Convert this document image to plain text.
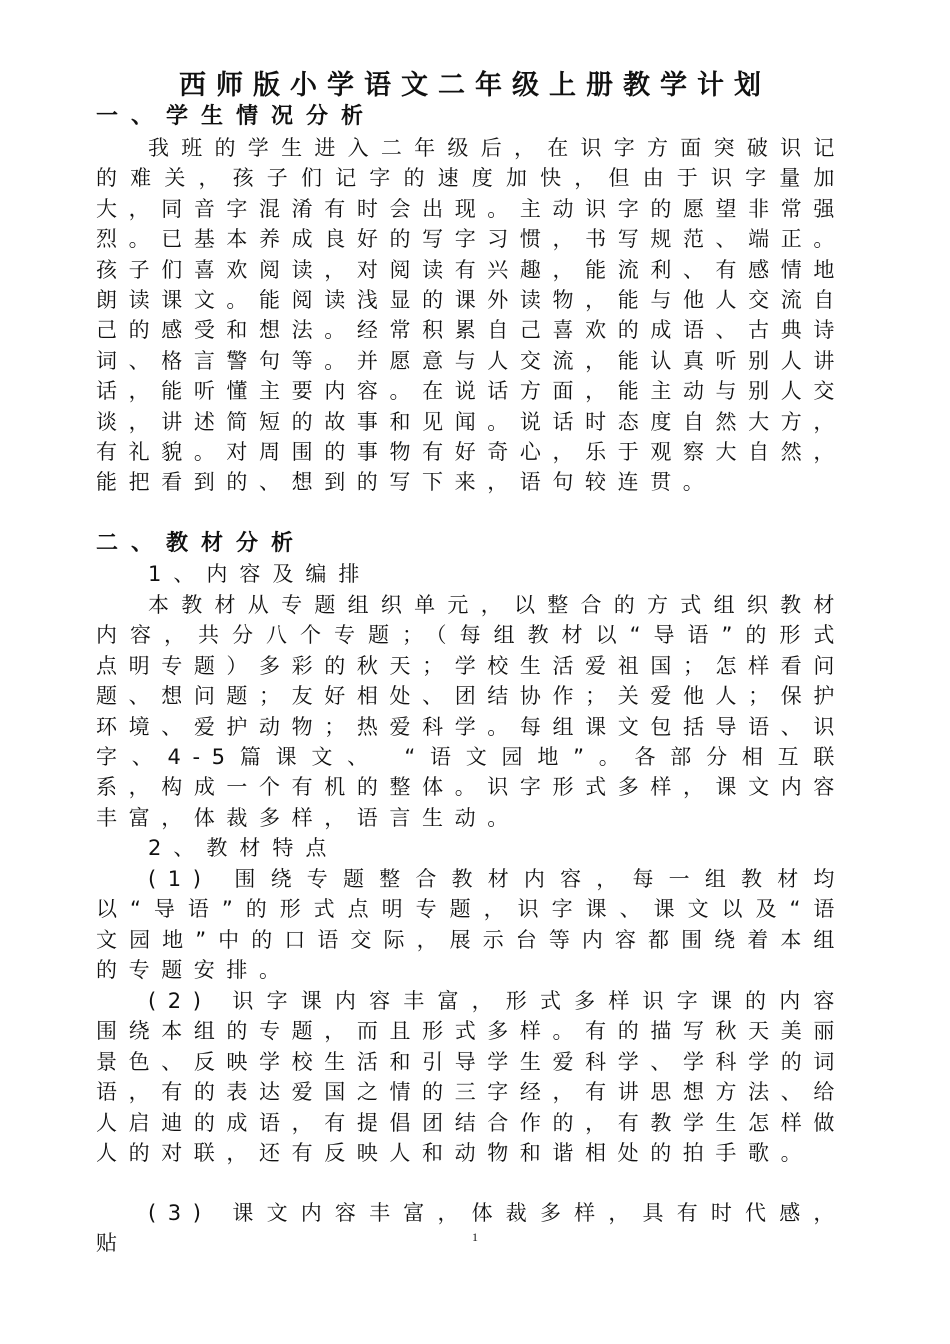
西师版小学语文二年级上册教学计划
一、学生情况分析

我班的学生进入二年级后，在识字方面突破识记的难关，孩子们记字的速度加快，但由于识字量加大，同音字混淆有时会出现。主动识字的愿望非常强烈。已基本养成良好的写字习惯，书写规范、端正。孩子们喜欢阅读，对阅读有兴趣，能流利、有感情地朗读课文。能阅读浅显的课外读物，能与他人交流自己的感受和想法。经常积累自己喜欢的成语、古典诗词、格言警句等。并愿意与人交流，能认真听别人讲话，能听懂主要内容。在说话方面，能主动与别人交谈，讲述简短的故事和见闻。说话时态度自然大方，有礼貌。对周围的事物有好奇心，乐于观察大自然，能把看到的、想到的写下来，语句较连贯。

二、教材分析
1、内容及编排

本教材从专题组织单元，以整合的方式组织教材内容，共分八个专题；（每组教材以“导语”的形式点明专题）多彩的秋天；学校生活爱祖国；怎样看问题、想问题；友好相处、团结协作；关爱他人；保护环境、爱护动物；热爱科学。每组课文包括导语、识字、4-5篇课文、 “语文园地”。各部分相互联系，构成一个有机的整体。识字形式多样，课文内容丰富，体裁多样，语言生动。

2、教材特点

(1) 围绕专题整合教材内容，每一组教材均以“导语”的形式点明专题，识字课、课文以及“语文园地”中的口语交际，展示台等内容都围绕着本组的专题安排。

(2) 识字课内容丰富，形式多样识字课的内容围绕本组的专题，而且形式多样。有的描写秋天美丽景色、反映学校生活和引导学生爱科学、学科学的词语，有的表达爱国之情的三字经，有讲思想方法、给人启迪的成语，有提倡团结合作的，有教学生怎样做人的对联，还有反映人和动物和谐相处的拍手歌。

(3) 课文内容丰富，体裁多样，具有时代感，贴	1
